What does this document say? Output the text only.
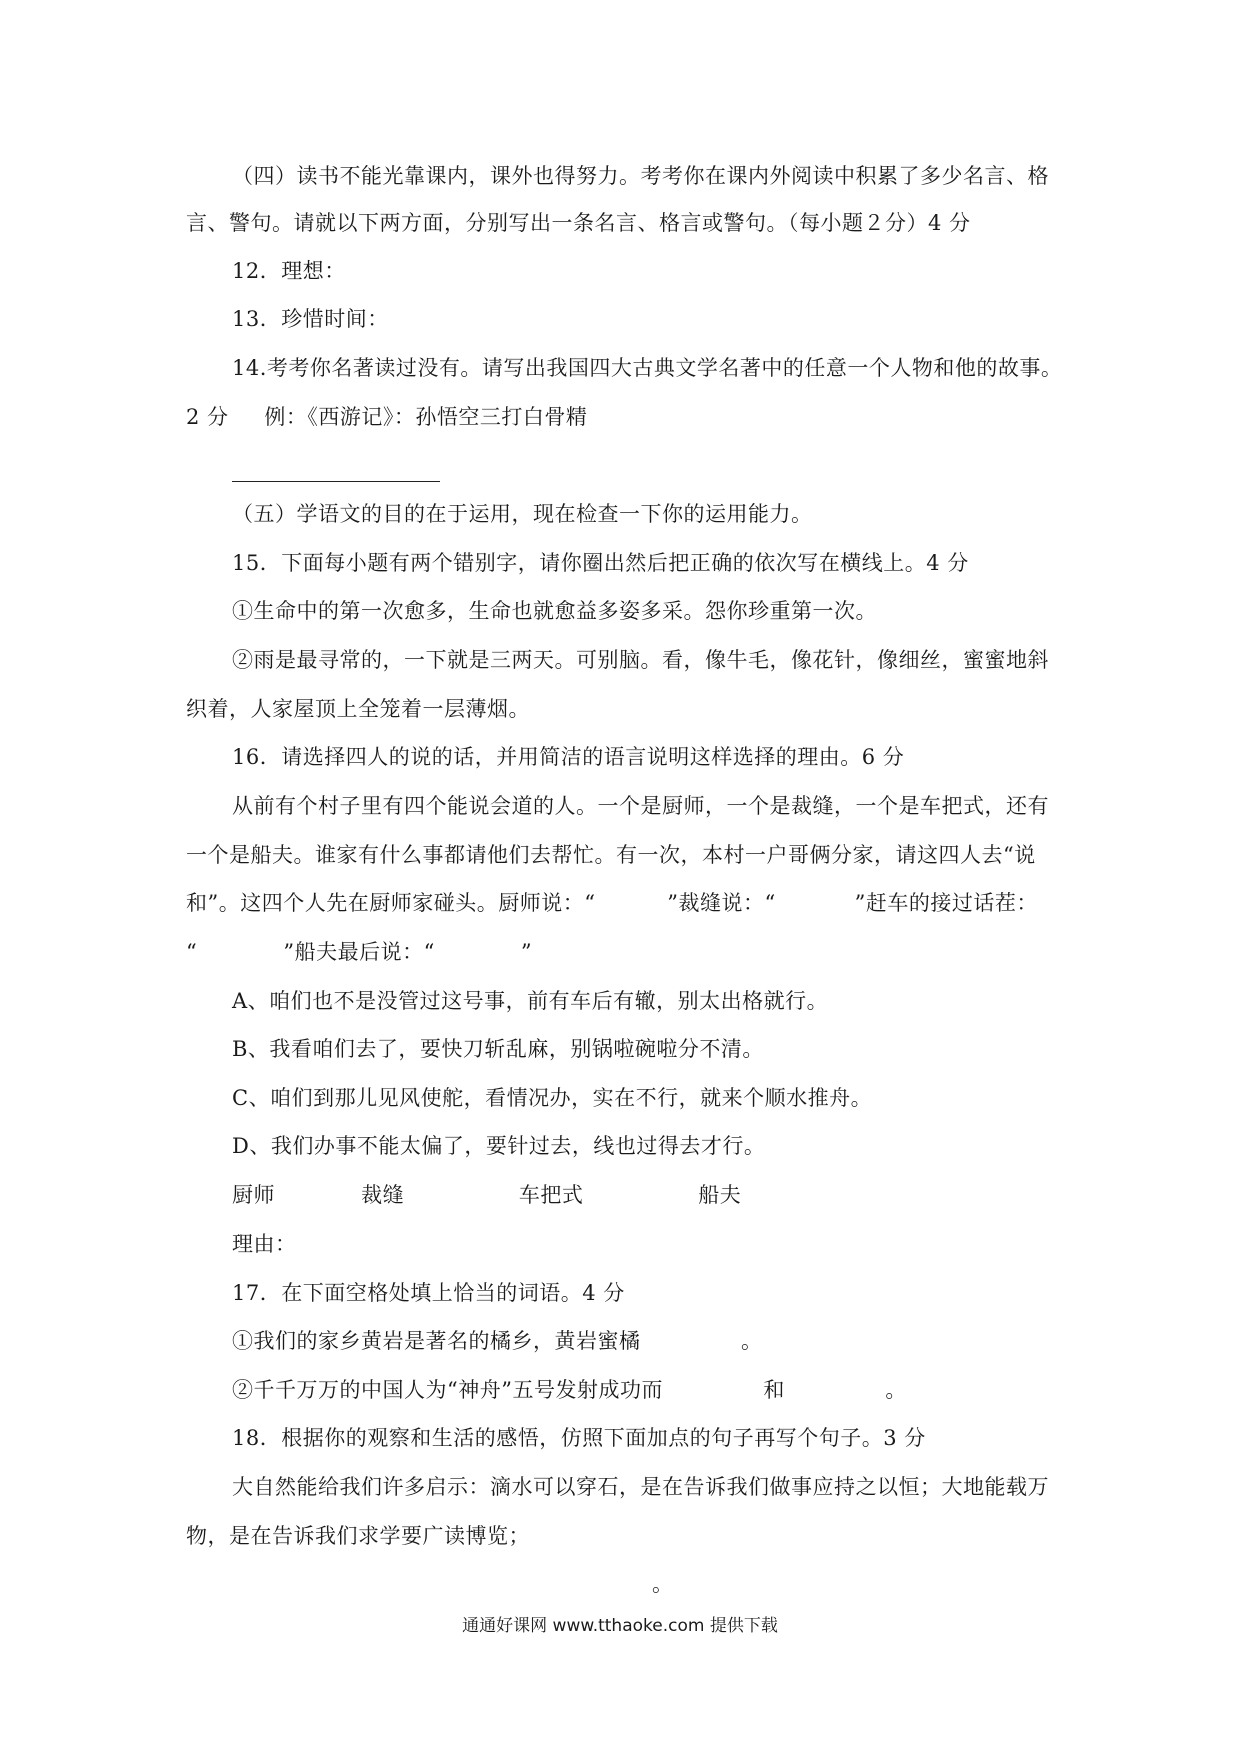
（四）读书不能光靠课内，课外也得努力。考考你在课内外阅读中积累了多少名言、格
言、警句。请就以下两方面，分别写出一条名言、格言或警句。（每小题２分）4 分
12．理想：
13．珍惜时间：
14.考考你名著读过没有。请写出我国四大古典文学名著中的任意一个人物和他的故事。
2 分     例：《西游记》：孙悟空三打白骨精
（五）学语文的目的在于运用，现在检查一下你的运用能力。
15．下面每小题有两个错别字，请你圈出然后把正确的依次写在横线上。4 分
①生命中的第一次愈多，生命也就愈益多姿多采。怨你珍重第一次。
②雨是最寻常的，一下就是三两天。可别脑。看，像牛毛，像花针，像细丝，蜜蜜地斜
织着，人家屋顶上全笼着一层薄烟。
16．请选择四人的说的话，并用简洁的语言说明这样选择的理由。6 分
从前有个村子里有四个能说会道的人。一个是厨师，一个是裁缝，一个是车把式，还有
一个是船夫。谁家有什么事都请他们去帮忙。有一次，本村一户哥俩分家，请这四人去“说
和”。这四个人先在厨师家碰头。厨师说：“          ”裁缝说：“           ”赶车的接过话茬：
“            ”船夫最后说：“            ”
A、咱们也不是没管过这号事，前有车后有辙，别太出格就行。
B、我看咱们去了，要快刀斩乱麻，别锅啦碗啦分不清。
C、咱们到那儿见风使舵，看情况办，实在不行，就来个顺水推舟。
D、我们办事不能太偏了，要针过去，线也过得去才行。
厨师            裁缝                车把式                船夫
理由：
17．在下面空格处填上恰当的词语。4 分
①我们的家乡黄岩是著名的橘乡，黄岩蜜橘              。
②千千万万的中国人为“神舟”五号发射成功而              和              。
18．根据你的观察和生活的感悟，仿照下面加点的句子再写个句子。3 分
大自然能给我们许多启示：滴水可以穿石，是在告诉我们做事应持之以恒；大地能载万
物，是在告诉我们求学要广读博览；
。
通通好课网 www.tthaoke.com 提供下载
